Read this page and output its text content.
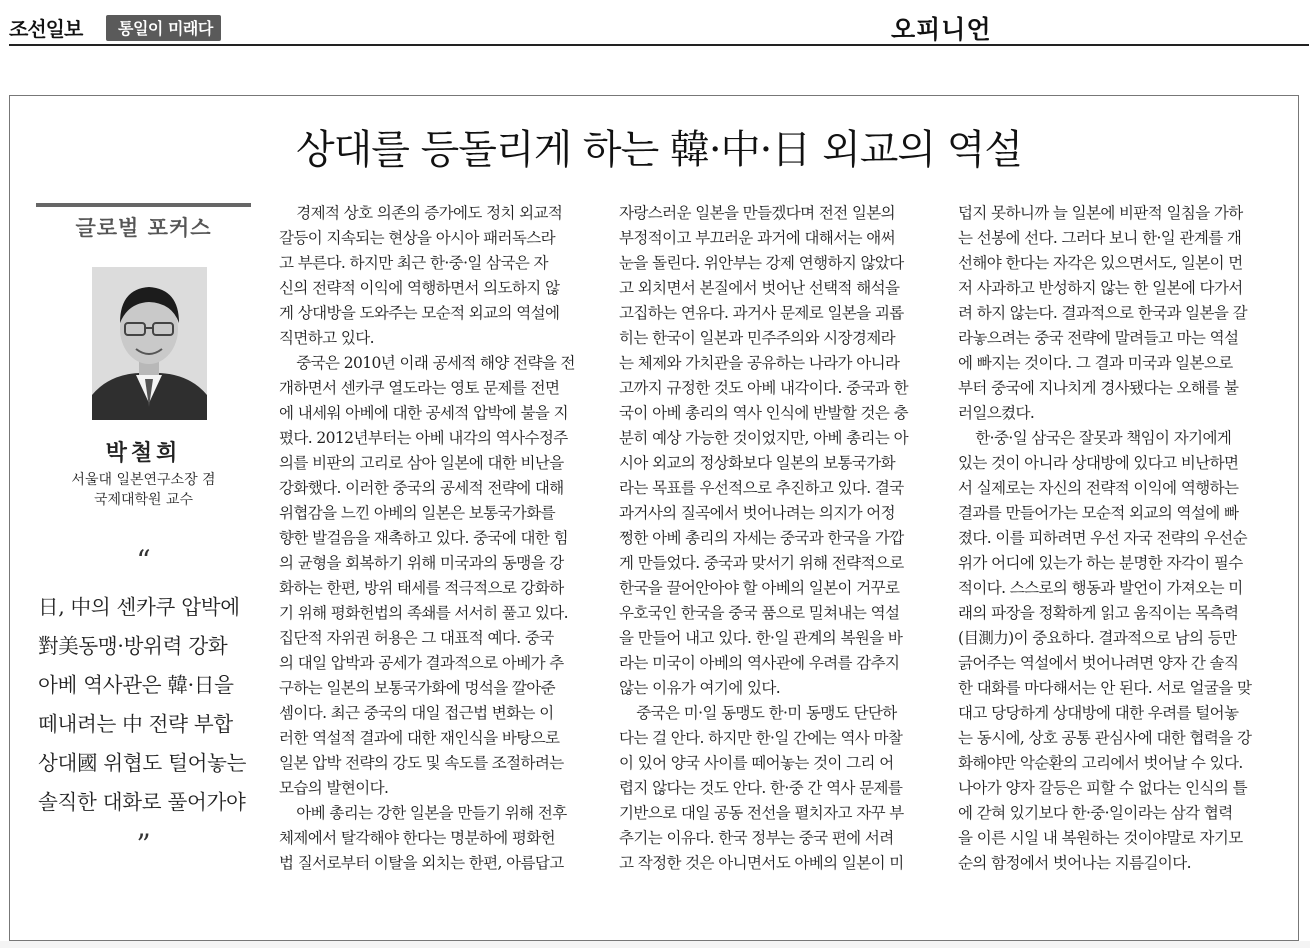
조선일보	통일이 미래다	오피니언
상대를 등돌리게 하는 韓·中·日 외교의 역설
글로벌 포커스
박철희
서울대 일본연구소장 겸
국제대학원 교수
“
日, 中의 센카쿠 압박에
對美동맹·방위력 강화
아베 역사관은 韓·日을
떼내려는 中 전략 부합
상대國 위협도 털어놓는
솔직한 대화로 풀어가야
”
경제적 상호 의존의 증가에도 정치 외교적
갈등이 지속되는 현상을 아시아 패러독스라
고 부른다. 하지만 최근 한·중·일 삼국은 자
신의 전략적 이익에 역행하면서 의도하지 않
게 상대방을 도와주는 모순적 외교의 역설에
직면하고 있다.
중국은 2010년 이래 공세적 해양 전략을 전
개하면서 센카쿠 열도라는 영토 문제를 전면
에 내세워 아베에 대한 공세적 압박에 불을 지
폈다. 2012년부터는 아베 내각의 역사수정주
의를 비판의 고리로 삼아 일본에 대한 비난을
강화했다. 이러한 중국의 공세적 전략에 대해
위협감을 느낀 아베의 일본은 보통국가화를
향한 발걸음을 재촉하고 있다. 중국에 대한 힘
의 균형을 회복하기 위해 미국과의 동맹을 강
화하는 한편, 방위 태세를 적극적으로 강화하
기 위해 평화헌법의 족쇄를 서서히 풀고 있다.
집단적 자위권 허용은 그 대표적 예다. 중국
의 대일 압박과 공세가 결과적으로 아베가 추
구하는 일본의 보통국가화에 멍석을 깔아준
셈이다. 최근 중국의 대일 접근법 변화는 이
러한 역설적 결과에 대한 재인식을 바탕으로
일본 압박 전략의 강도 및 속도를 조절하려는
모습의 발현이다.
아베 총리는 강한 일본을 만들기 위해 전후
체제에서 탈각해야 한다는 명분하에 평화헌
법 질서로부터 이탈을 외치는 한편, 아름답고
자랑스러운 일본을 만들겠다며 전전 일본의
부정적이고 부끄러운 과거에 대해서는 애써
눈을 돌린다. 위안부는 강제 연행하지 않았다
고 외치면서 본질에서 벗어난 선택적 해석을
고집하는 연유다. 과거사 문제로 일본을 괴롭
히는 한국이 일본과 민주주의와 시장경제라
는 체제와 가치관을 공유하는 나라가 아니라
고까지 규정한 것도 아베 내각이다. 중국과 한
국이 아베 총리의 역사 인식에 반발할 것은 충
분히 예상 가능한 것이었지만, 아베 총리는 아
시아 외교의 정상화보다 일본의 보통국가화
라는 목표를 우선적으로 추진하고 있다. 결국
과거사의 질곡에서 벗어나려는 의지가 어정
쩡한 아베 총리의 자세는 중국과 한국을 가깝
게 만들었다. 중국과 맞서기 위해 전략적으로
한국을 끌어안아야 할 아베의 일본이 거꾸로
우호국인 한국을 중국 품으로 밀쳐내는 역설
을 만들어 내고 있다. 한·일 관계의 복원을 바
라는 미국이 아베의 역사관에 우려를 감추지
않는 이유가 여기에 있다.
중국은 미·일 동맹도 한·미 동맹도 단단하
다는 걸 안다. 하지만 한·일 간에는 역사 마찰
이 있어 양국 사이를 떼어놓는 것이 그리 어
렵지 않다는 것도 안다. 한·중 간 역사 문제를
기반으로 대일 공동 전선을 펼치자고 자꾸 부
추기는 이유다. 한국 정부는 중국 편에 서려
고 작정한 것은 아니면서도 아베의 일본이 미
덥지 못하니까 늘 일본에 비판적 일침을 가하
는 선봉에 선다. 그러다 보니 한·일 관계를 개
선해야 한다는 자각은 있으면서도, 일본이 먼
저 사과하고 반성하지 않는 한 일본에 다가서
려 하지 않는다. 결과적으로 한국과 일본을 갈
라놓으려는 중국 전략에 말려들고 마는 역설
에 빠지는 것이다. 그 결과 미국과 일본으로
부터 중국에 지나치게 경사됐다는 오해를 불
러일으켰다.
한·중·일 삼국은 잘못과 책임이 자기에게
있는 것이 아니라 상대방에 있다고 비난하면
서 실제로는 자신의 전략적 이익에 역행하는
결과를 만들어가는 모순적 외교의 역설에 빠
졌다. 이를 피하려면 우선 자국 전략의 우선순
위가 어디에 있는가 하는 분명한 자각이 필수
적이다. 스스로의 행동과 발언이 가져오는 미
래의 파장을 정확하게 읽고 움직이는 목측력
(目測力)이 중요하다. 결과적으로 남의 등만
긁어주는 역설에서 벗어나려면 양자 간 솔직
한 대화를 마다해서는 안 된다. 서로 얼굴을 맞
대고 당당하게 상대방에 대한 우려를 털어놓
는 동시에, 상호 공통 관심사에 대한 협력을 강
화해야만 악순환의 고리에서 벗어날 수 있다.
나아가 양자 갈등은 피할 수 없다는 인식의 틀
에 갇혀 있기보다 한·중·일이라는 삼각 협력
을 이른 시일 내 복원하는 것이야말로 자기모
순의 함정에서 벗어나는 지름길이다.
